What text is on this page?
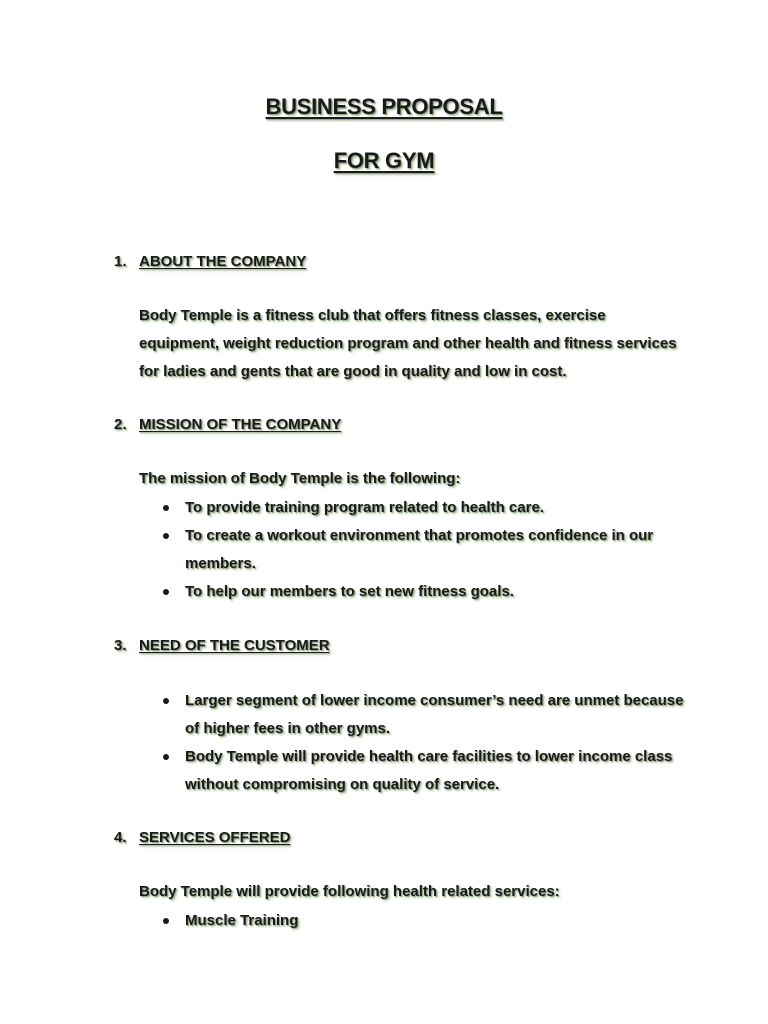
BUSINESS PROPOSAL
FOR GYM
1. ABOUT THE COMPANY
Body Temple is a fitness club that offers fitness classes, exercise equipment, weight reduction program and other health and fitness services for ladies and gents that are good in quality and low in cost.
2. MISSION OF THE COMPANY
The mission of Body Temple is the following:
To provide training program related to health care.
To create a workout environment that promotes confidence in our members.
To help our members to set new fitness goals.
3. NEED OF THE CUSTOMER
Larger segment of lower income consumer’s need are unmet because of higher fees in other gyms.
Body Temple will provide health care facilities to lower income class without compromising on quality of service.
4. SERVICES OFFERED
Body Temple will provide following health related services:
Muscle Training
